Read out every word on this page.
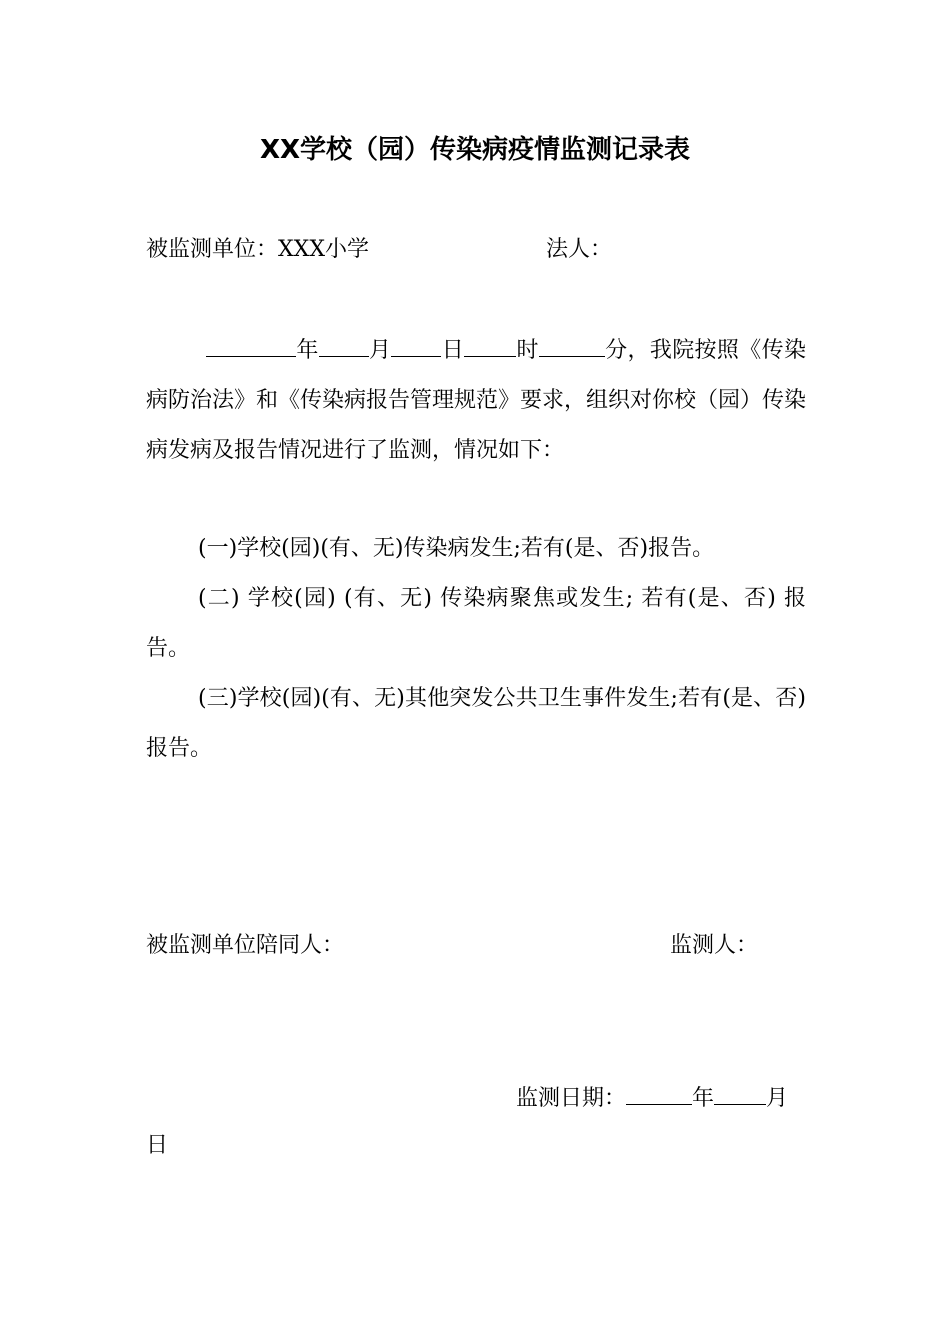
XX学校（园）传染病疫情监测记录表
被监测单位：XXX小学	法人：
年 月 日 时	分，我院按照《传染病防治法》和《传染病报告管理规范》要求，组织对你校（园）传染病发病及报告情况进行了监测，情况如下：
(一)学校(园)(有、无)传染病发生;若有(是、否)报告。
(二) 学校(园) (有、无) 传染病聚焦或发生; 若有(是、否) 报告。
(三)学校(园)(有、无)其他突发公共卫生事件发生;若有(是、否) 报告。
被监测单位陪同人：	监测人：
监测日期：	年 月
日
